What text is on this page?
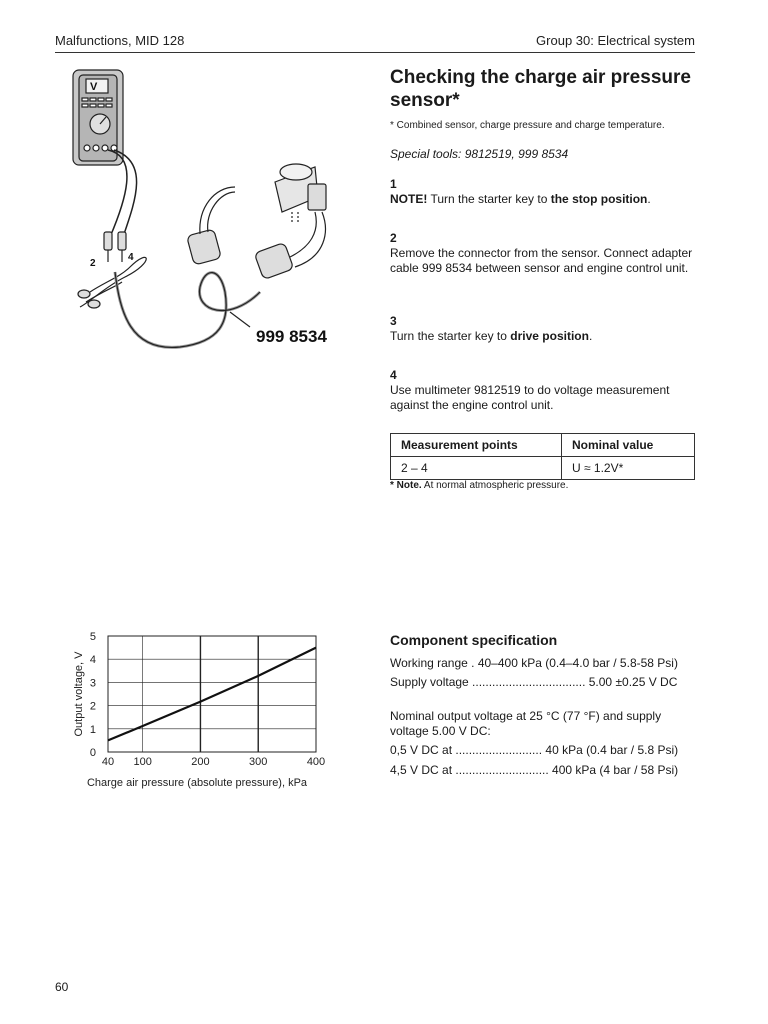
Malfunctions, MID 128	Group 30: Electrical system
V
2
4
999 8534
Checking the charge air pressure sensor*
* Combined sensor, charge pressure and charge temperature.
Special tools: 9812519, 999 8534
1
NOTE! Turn the starter key to the stop position.
2
Remove the connector from the sensor. Connect adapter cable 999 8534 between sensor and engine control unit.
3
Turn the starter key to drive position.
4
Use multimeter 9812519 to do voltage measurement against the engine control unit.
Measurement points	Nominal value
2 – 4	U ≈ 1.2V*
* Note. At normal atmospheric pressure.
40 100	200	300	400
0
1
2
3
4
5
Output voltage, V
Charge air pressure (absolute pressure), kPa
Component specification
Working range . 40–400 kPa (0.4–4.0 bar / 5.8-58 Psi)
Supply voltage .................................. 5.00 ±0.25 V DC
Nominal output voltage at 25 °C (77 °F) and supply voltage 5.00 V DC:
0,5 V DC at .......................... 40 kPa (0.4 bar / 5.8 Psi)
4,5 V DC at ............................ 400 kPa (4 bar / 58 Psi)
60
